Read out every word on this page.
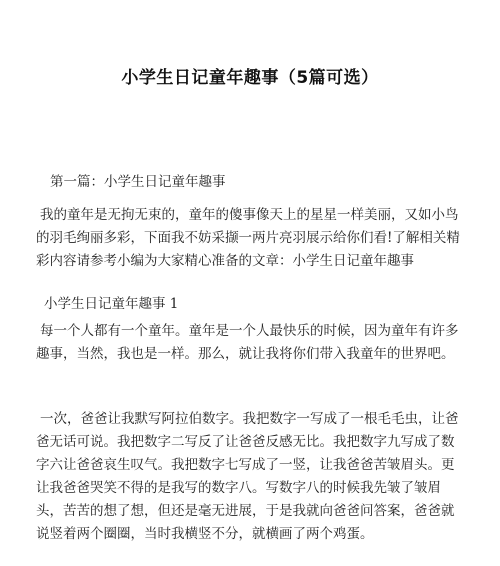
小学生日记童年趣事（5篇可选）
第一篇：小学生日记童年趣事

我的童年是无拘无束的，童年的傻事像天上的星星一样美丽，又如小鸟的羽毛绚丽多彩，下面我不妨采撷一两片亮羽展示给你们看!了解相关精彩内容请参考小编为大家精心准备的文章：小学生日记童年趣事

小学生日记童年趣事 1

每一个人都有一个童年。童年是一个人最快乐的时候，因为童年有许多趣事，当然，我也是一样。那么，就让我将你们带入我童年的世界吧。

一次，爸爸让我默写阿拉伯数字。我把数字一写成了一根毛毛虫，让爸爸无话可说。我把数字二写反了让爸爸反感无比。我把数字九写成了数字六让爸爸哀生叹气。我把数字七写成了一竖，让我爸爸苦皱眉头。更让我爸爸哭笑不得的是我写的数字八。写数字八的时候我先皱了皱眉头，苦苦的想了想，但还是毫无进展，于是我就向爸爸问答案，爸爸就说竖着两个圈圈，当时我横竖不分，就横画了两个鸡蛋。
